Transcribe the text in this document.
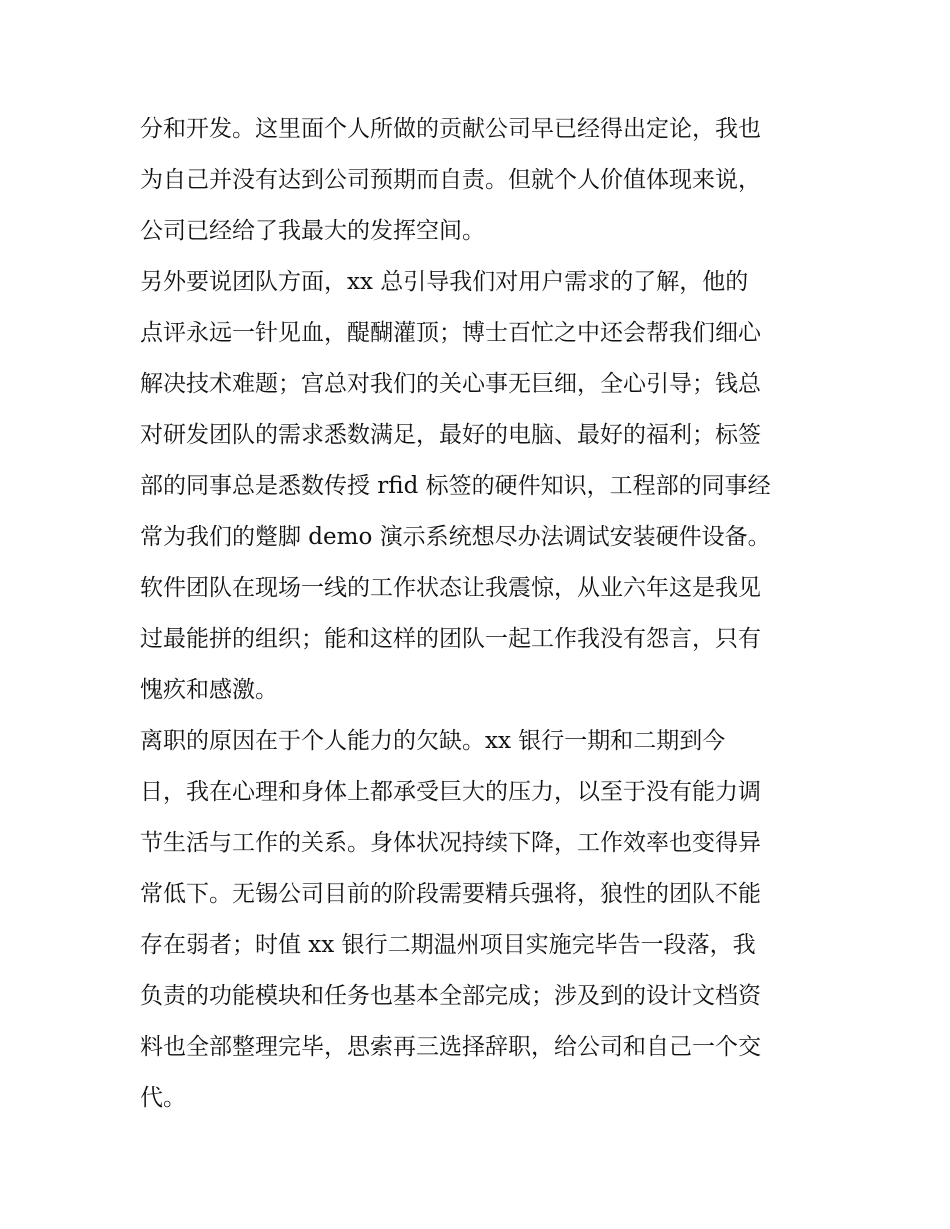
分和开发。这里面个人所做的贡献公司早已经得出定论，我也
为自己并没有达到公司预期而自责。但就个人价值体现来说，
公司已经给了我最大的发挥空间。
另外要说团队方面，xx 总引导我们对用户需求的了解，他的
点评永远一针见血，醍醐灌顶；博士百忙之中还会帮我们细心
解决技术难题；宫总对我们的关心事无巨细，全心引导；钱总
对研发团队的需求悉数满足，最好的电脑、最好的福利；标签
部的同事总是悉数传授 rfid 标签的硬件知识，工程部的同事经
常为我们的蹩脚 demo 演示系统想尽办法调试安装硬件设备。
软件团队在现场一线的工作状态让我震惊，从业六年这是我见
过最能拼的组织；能和这样的团队一起工作我没有怨言，只有
愧疚和感激。
离职的原因在于个人能力的欠缺。xx 银行一期和二期到今
日，我在心理和身体上都承受巨大的压力，以至于没有能力调
节生活与工作的关系。身体状况持续下降，工作效率也变得异
常低下。无锡公司目前的阶段需要精兵强将，狼性的团队不能
存在弱者；时值 xx 银行二期温州项目实施完毕告一段落，我
负责的功能模块和任务也基本全部完成；涉及到的设计文档资
料也全部整理完毕，思索再三选择辞职，给公司和自己一个交
代。
